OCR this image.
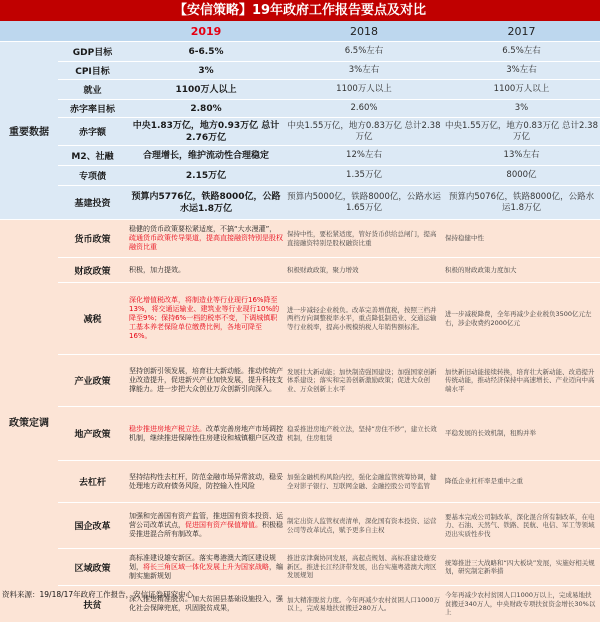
【安信策略】19年政府工作报告要点及对比
		2019	2018	2017
重要数据	GDP目标	6-6.5%	6.5%左右	6.5%左右
	CPI目标	3%	3%左右	3%左右
	就业	1100万人以上	1100万人以上	1100万人以上
	赤字率目标	2.80%	2.60%	3%
	赤字额	中央1.83万亿，地方0.93万亿 总计2.76万亿	中央1.55万亿，地方0.83万亿 总计2.38万亿	中央1.55万亿，地方0.83万亿 总计2.38万亿
	M2、社融	合理增长，维护流动性合理稳定	12%左右	13%左右
	专项债	2.15万亿	1.35万亿	8000亿
	基建投资	预算内5776亿，铁路8000亿，公路水运1.8万亿	预算内5000亿，铁路8000亿，公路水运1.65万亿	预算内5076亿，铁路8000亿，公路水运1.8万亿
政策定调	货币政策	稳健的货币政策要松紧适度，不搞“大水漫灌”，疏通货币政策传导渠道，提高直接融资特别是股权融资比重	保持中性，要松紧适度，管好货币供给总闸门，提高直接融资特别是股权融资比重	保持稳健中性
	财政政策	积极，加力提效。	积极财政政策，聚力增效	积极的财政政策力度加大
	减税	深化增值税改革，将制造业等行业现行16%降至13%，将交通运输业、建筑业等行业现行10%的降至9%；保持6%一档的税率不变，下调城镇职工基本养老保险单位缴费比例，各地可降至16%。	进一步减轻企业税负。改革完善增值税，按照三档并两档方向调整税率水平，重点降低制造业、交通运输等行业税率，提高小规模纳税人年销售额标准。	进一步减税降费，全年再减少企业税负3500亿元左右，涉企收费约2000亿元
	产业政策	坚持创新引领发展，培育壮大新动能。推动传统产业改造提升，促进新兴产业加快发展，提升科技支撑能力。进一步把大众创业万众创新引向深入。	发展壮大新动能；加快制造强国建设；加强国家创新体系建设；落实和完善创新激励政策；促进大众创业、万众创新上水平	加快新旧动能接续转换，培育壮大新动能、改造提升传统动能，推动经济保持中高速增长、产业迈向中高端水平
	地产政策	稳步推进房地产税立法。改革完善房地产市场调控机制，继续推进保障性住房建设和城镇棚户区改造	稳妥推进房地产税立法，坚持“房住不炒”，建立长效机制，住房租赁	平稳发展的长效机制，租购并举
	去杠杆	坚持结构性去杠杆，防范金融市场异常波动，稳妥处理地方政府债务风险，防控输入性风险	加强金融机构风险内控，强化金融监管统筹协调，健全对影子银行、互联网金融、金融控股公司等监管	降低企业杠杆率是重中之重
	国企改革	加强和完善国有资产监管，推进国有资本投资、运营公司改革试点，促进国有资产保值增值。积极稳妥推进混合所有制改革。	制定出资人监管权责清单，深化国有资本投资、运营公司等改革试点，赋予更多自主权	要基本完成公司制改革，深化混合所有制改革，在电力、石油、天然气、铁路、民航、电信、军工等领域迈出实质性步伐
	区域政策	高标准建设雄安新区。落实粤港澳大湾区建设规划，将长三角区域一体化发展上升为国家战略，编制实施新规划	推进京津冀协同发展，高起点规划、高标准建设雄安新区。推进长江经济带发展，出台实施粤港澳大湾区发展规划	统筹推进三大战略和“四大板块”发展，实施好相关规划，研究制定新举措
	扶贫	深入推进精准脱贫。加大贫困县基础设施投入，强化社会保障兜底，巩固脱贫成果，	加大精准脱贫力度。今年再减少农村贫困人口1000万以上，完成易地扶贫搬迁280万人。	今年再减少农村贫困人口1000万以上，完成易地扶贫搬迁340万人，中央财政专项扶贫资金增长30%以上
资料来源：19/18/17年政府工作报告，安信证券研究中心
